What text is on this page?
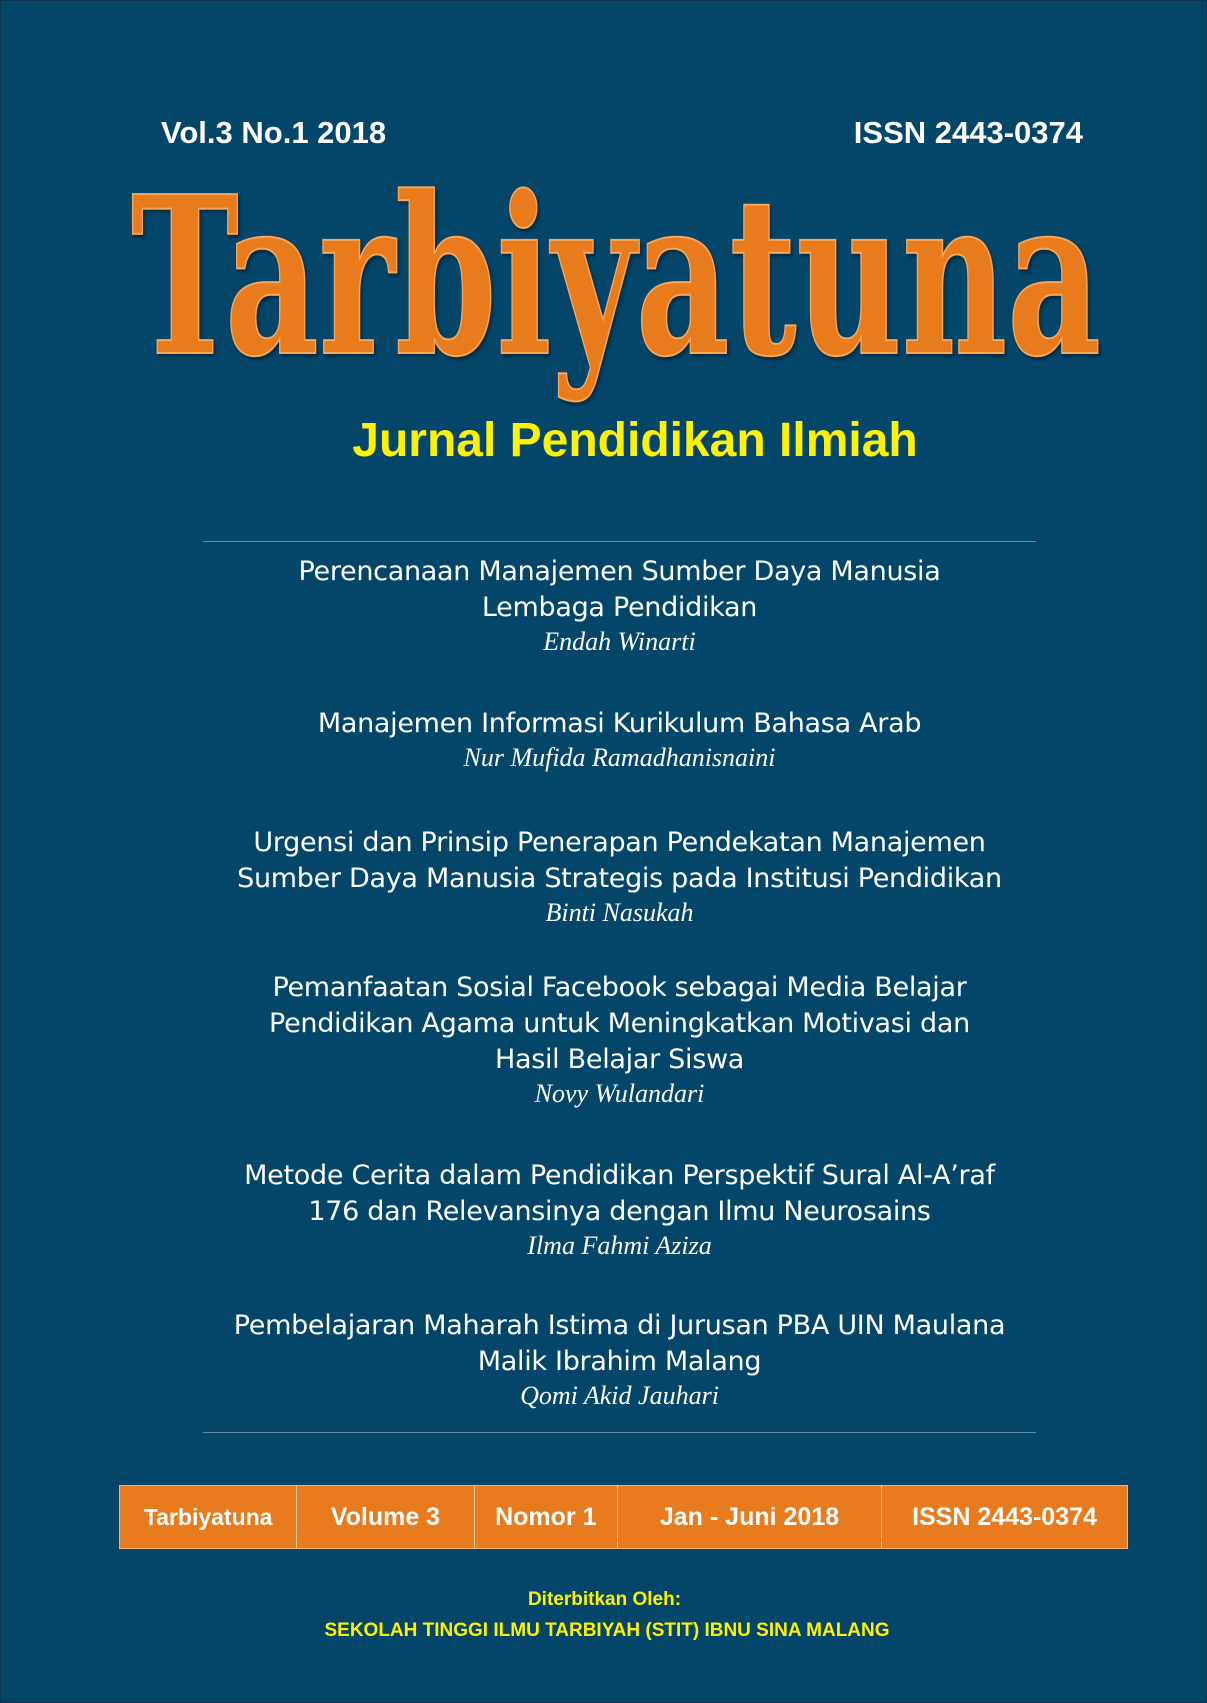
Vol.3 No.1 2018	ISSN 2443-0374
Tarbiyatuna
Jurnal Pendidikan Ilmiah
Perencanaan Manajemen Sumber Daya Manusia
Lembaga Pendidikan
Endah Winarti
Manajemen Informasi Kurikulum Bahasa Arab
Nur Mufida Ramadhanisnaini
Urgensi dan Prinsip Penerapan Pendekatan Manajemen
Sumber Daya Manusia Strategis pada Institusi Pendidikan
Binti Nasukah
Pemanfaatan Sosial Facebook sebagai Media Belajar
Pendidikan Agama untuk Meningkatkan Motivasi dan
Hasil Belajar Siswa
Novy Wulandari
Metode Cerita dalam Pendidikan Perspektif Sural Al-A’raf
176 dan Relevansinya dengan Ilmu Neurosains
Ilma Fahmi Aziza
Pembelajaran Maharah Istima di Jurusan PBA UIN Maulana
Malik Ibrahim Malang
Qomi Akid Jauhari
Tarbiyatuna	Volume 3	Nomor 1	Jan - Juni 2018	ISSN 2443-0374
Diterbitkan Oleh:
SEKOLAH TINGGI ILMU TARBIYAH (STIT) IBNU SINA MALANG
